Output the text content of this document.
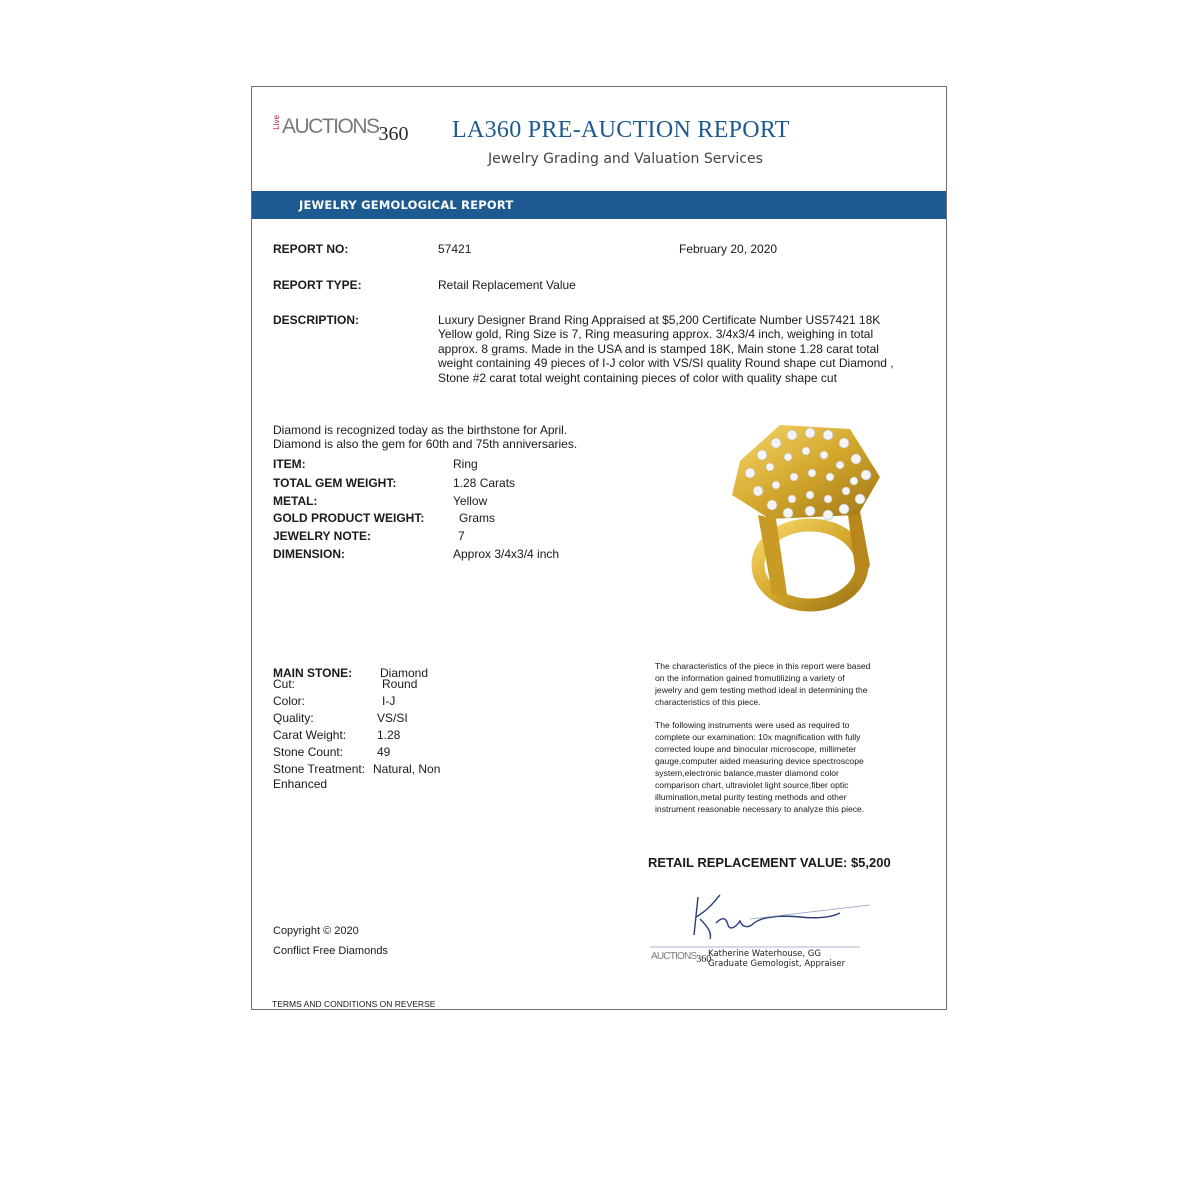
LiveAUCTIONS360 LA360 PRE-AUCTION REPORT
Jewelry Grading and Valuation Services
JEWELRY GEMOLOGICAL REPORT
REPORT NO:	57421	February 20, 2020
REPORT TYPE:	Retail Replacement Value
DESCRIPTION:	Luxury Designer Brand Ring Appraised at $5,200 Certificate Number US57421 18K Yellow gold, Ring Size is 7, Ring measuring approx. 3/4x3/4 inch, weighing in total approx. 8 grams. Made in the USA and is stamped 18K, Main stone 1.28 carat total weight containing 49 pieces of I-J color with VS/SI quality Round shape cut Diamond , Stone #2 carat total weight containing pieces of color with quality shape cut
Diamond is recognized today as the birthstone for April.
Diamond is also the gem for 60th and 75th anniversaries.
ITEM:	Ring
TOTAL GEM WEIGHT:	1.28 Carats
METAL:	Yellow
GOLD PRODUCT WEIGHT:	Grams
JEWELRY NOTE:	7
DIMENSION:	Approx 3/4x3/4 inch
MAIN STONE: Diamond
Cut:	Round
Color:	I-J
Quality:	VS/SI
Carat Weight:	1.28
Stone Count:	49
Stone Treatment: Natural, Non
Enhanced
The characteristics of the piece in this report were based
on the information gained fromutilizing a variety of
jewelry and gem testing method ideal in determining the
characteristics of this piece.
The following instruments were used as required to
complete our examination: 10x magnification with fully
corrected loupe and binocular microscope, millimeter
gauge,computer aided measuring device spectroscope
system,electronic balance,master diamond color
comparison chart, ultraviolet light source,fiber optic
illumination,metal purity testing methods and other
instrument reasonable necessary to analyze this piece.
RETAIL REPLACEMENT VALUE: $5,200
AUCTIONS360
Katherine Waterhouse, GG
Graduate Gemologist, Appraiser
Copyright © 2020
Conflict Free Diamonds
TERMS AND CONDITIONS ON REVERSE
